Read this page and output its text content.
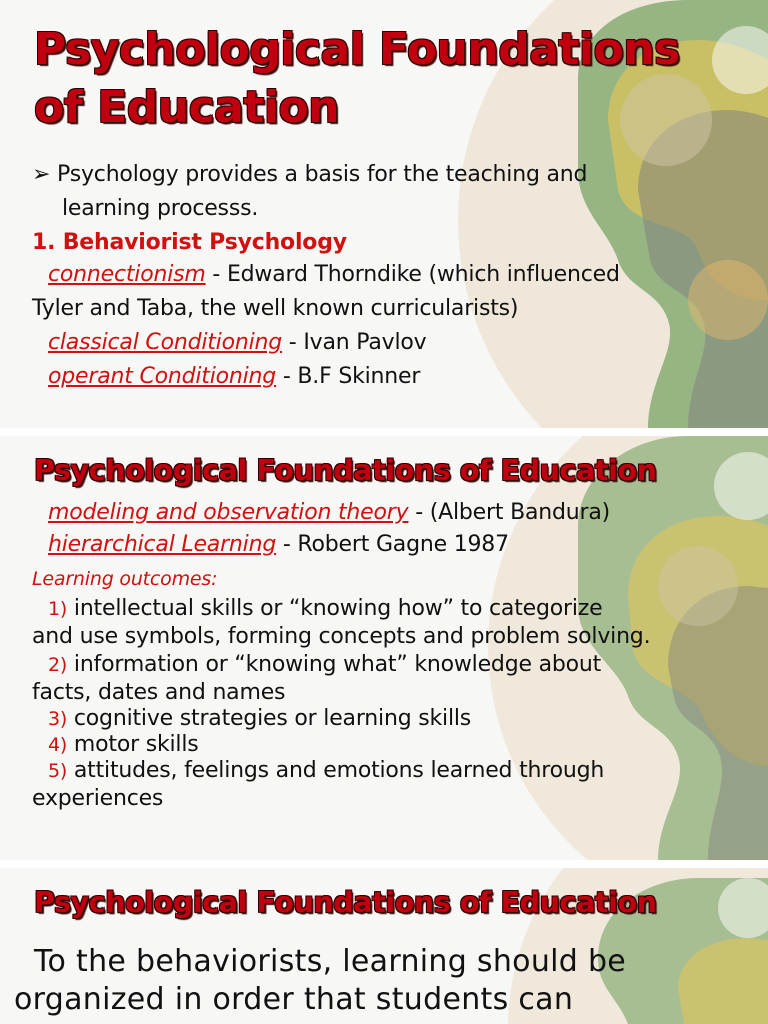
Psychological Foundations
of Education
➢ Psychology provides a basis for the teaching and
learning processs.
1. Behaviorist Psychology
connectionism - Edward Thorndike (which influenced
Tyler and Taba, the well known curricularists)
classical Conditioning - Ivan Pavlov
operant Conditioning - B.F Skinner
Psychological Foundations of Education
modeling and observation theory - (Albert Bandura)
hierarchical Learning - Robert Gagne 1987
Learning outcomes:
1) intellectual skills or “knowing how” to categorize
and use symbols, forming concepts and problem solving.
2) information or “knowing what” knowledge about
facts, dates and names
3) cognitive strategies or learning skills
4) motor skills
5) attitudes, feelings and emotions learned through
experiences
Psychological Foundations of Education
To the behaviorists, learning should be
organized in order that students can
